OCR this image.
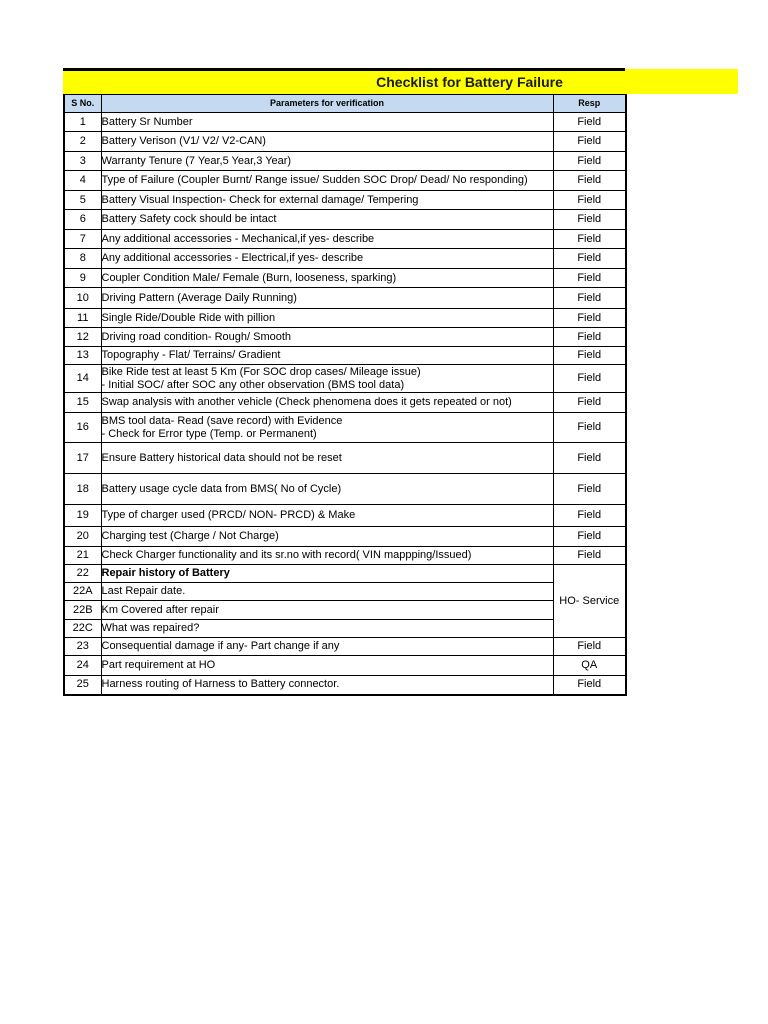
Checklist for Battery Failure
S No.	Parameters for verification	Resp
1	Battery Sr Number	Field
2	Battery Verison (V1/ V2/ V2-CAN)	Field
3	Warranty Tenure (7 Year,5 Year,3 Year)	Field
4	Type of Failure (Coupler Burnt/ Range issue/ Sudden SOC Drop/ Dead/ No responding)	Field
5	Battery Visual Inspection- Check for external damage/ Tempering	Field
6	Battery Safety cock should be intact	Field
7	Any additional accessories - Mechanical,if yes- describe	Field
8	Any additional accessories - Electrical,if yes- describe	Field
9	Coupler Condition Male/ Female (Burn, looseness, sparking)	Field
10	Driving Pattern (Average Daily Running)	Field
11	Single Ride/Double Ride with pillion	Field
12	Driving road condition- Rough/ Smooth	Field
13	Topography - Flat/ Terrains/ Gradient	Field
14	Bike Ride test at least 5 Km (For SOC drop cases/ Mileage issue)
- Initial SOC/ after SOC any other observation (BMS tool data)	Field
15	Swap analysis with another vehicle (Check phenomena does it gets repeated or not)	Field
16	BMS tool data- Read (save record) with Evidence
- Check for Error type (Temp. or Permanent)	Field
17	Ensure Battery historical data should not be reset	Field
18	Battery usage cycle data from BMS( No of Cycle)	Field
19	Type of charger used (PRCD/ NON- PRCD) & Make	Field
20	Charging test (Charge / Not Charge)	Field
21	Check Charger functionality and its sr.no with record( VIN mappping/Issued)	Field
22	Repair history of Battery	HO- Service
22A	Last Repair date.	
22B	Km Covered after repair	
22C	What was repaired?	
23	Consequential damage if any- Part change if any	Field
24	Part requirement at HO	QA
25	Harness routing of Harness to Battery connector.	Field
